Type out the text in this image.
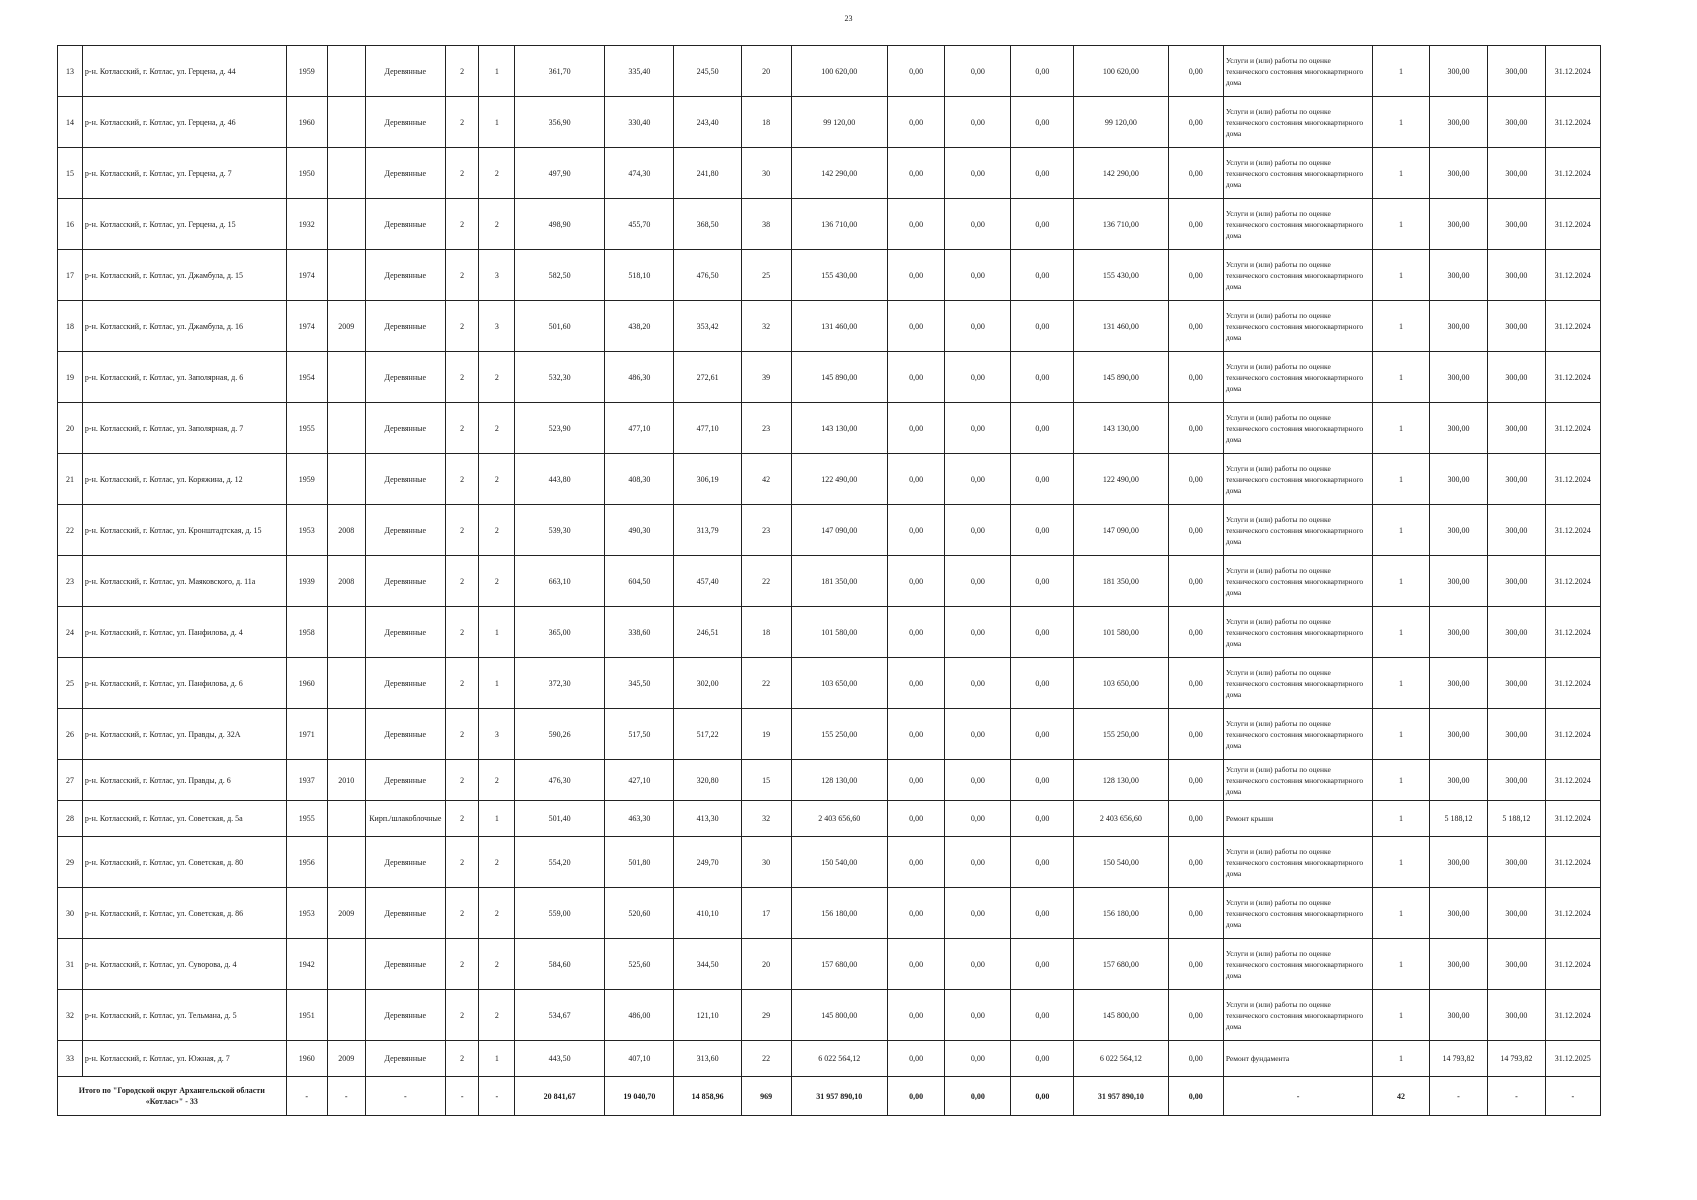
23
13	р-н. Котласский, г. Котлас, ул. Герцена, д. 44	1959		Деревянные	2	1	361,70	335,40	245,50	20	100 620,00	0,00	0,00	0,00	100 620,00	0,00	Услуги и (или) работы по оценке технического состояния многоквартирного дома	1	300,00	300,00	31.12.2024
14	р-н. Котласский, г. Котлас, ул. Герцена, д. 46	1960		Деревянные	2	1	356,90	330,40	243,40	18	99 120,00	0,00	0,00	0,00	99 120,00	0,00	Услуги и (или) работы по оценке технического состояния многоквартирного дома	1	300,00	300,00	31.12.2024
15	р-н. Котласский, г. Котлас, ул. Герцена, д. 7	1950		Деревянные	2	2	497,90	474,30	241,80	30	142 290,00	0,00	0,00	0,00	142 290,00	0,00	Услуги и (или) работы по оценке технического состояния многоквартирного дома	1	300,00	300,00	31.12.2024
16	р-н. Котласский, г. Котлас, ул. Герцена, д. 15	1932		Деревянные	2	2	498,90	455,70	368,50	38	136 710,00	0,00	0,00	0,00	136 710,00	0,00	Услуги и (или) работы по оценке технического состояния многоквартирного дома	1	300,00	300,00	31.12.2024
17	р-н. Котласский, г. Котлас, ул. Джамбула, д. 15	1974		Деревянные	2	3	582,50	518,10	476,50	25	155 430,00	0,00	0,00	0,00	155 430,00	0,00	Услуги и (или) работы по оценке технического состояния многоквартирного дома	1	300,00	300,00	31.12.2024
18	р-н. Котласский, г. Котлас, ул. Джамбула, д. 16	1974	2009	Деревянные	2	3	501,60	438,20	353,42	32	131 460,00	0,00	0,00	0,00	131 460,00	0,00	Услуги и (или) работы по оценке технического состояния многоквартирного дома	1	300,00	300,00	31.12.2024
19	р-н. Котласский, г. Котлас, ул. Заполярная, д. 6	1954		Деревянные	2	2	532,30	486,30	272,61	39	145 890,00	0,00	0,00	0,00	145 890,00	0,00	Услуги и (или) работы по оценке технического состояния многоквартирного дома	1	300,00	300,00	31.12.2024
20	р-н. Котласский, г. Котлас, ул. Заполярная, д. 7	1955		Деревянные	2	2	523,90	477,10	477,10	23	143 130,00	0,00	0,00	0,00	143 130,00	0,00	Услуги и (или) работы по оценке технического состояния многоквартирного дома	1	300,00	300,00	31.12.2024
21	р-н. Котласский, г. Котлас, ул. Коряжина, д. 12	1959		Деревянные	2	2	443,80	408,30	306,19	42	122 490,00	0,00	0,00	0,00	122 490,00	0,00	Услуги и (или) работы по оценке технического состояния многоквартирного дома	1	300,00	300,00	31.12.2024
22	р-н. Котласский, г. Котлас, ул. Кронштадтская, д. 15	1953	2008	Деревянные	2	2	539,30	490,30	313,79	23	147 090,00	0,00	0,00	0,00	147 090,00	0,00	Услуги и (или) работы по оценке технического состояния многоквартирного дома	1	300,00	300,00	31.12.2024
23	р-н. Котласский, г. Котлас, ул. Маяковского, д. 11а	1939	2008	Деревянные	2	2	663,10	604,50	457,40	22	181 350,00	0,00	0,00	0,00	181 350,00	0,00	Услуги и (или) работы по оценке технического состояния многоквартирного дома	1	300,00	300,00	31.12.2024
24	р-н. Котласский, г. Котлас, ул. Панфилова, д. 4	1958		Деревянные	2	1	365,00	338,60	246,51	18	101 580,00	0,00	0,00	0,00	101 580,00	0,00	Услуги и (или) работы по оценке технического состояния многоквартирного дома	1	300,00	300,00	31.12.2024
25	р-н. Котласский, г. Котлас, ул. Панфилова, д. 6	1960		Деревянные	2	1	372,30	345,50	302,00	22	103 650,00	0,00	0,00	0,00	103 650,00	0,00	Услуги и (или) работы по оценке технического состояния многоквартирного дома	1	300,00	300,00	31.12.2024
26	р-н. Котласский, г. Котлас, ул. Правды, д. 32А	1971		Деревянные	2	3	590,26	517,50	517,22	19	155 250,00	0,00	0,00	0,00	155 250,00	0,00	Услуги и (или) работы по оценке технического состояния многоквартирного дома	1	300,00	300,00	31.12.2024
27	р-н. Котласский, г. Котлас, ул. Правды, д. 6	1937	2010	Деревянные	2	2	476,30	427,10	320,80	15	128 130,00	0,00	0,00	0,00	128 130,00	0,00	Услуги и (или) работы по оценке технического состояния многоквартирного дома	1	300,00	300,00	31.12.2024
28	р-н. Котласский, г. Котлас, ул. Советская, д. 5а	1955		Кирп./шлакоблочные	2	1	501,40	463,30	413,30	32	2 403 656,60	0,00	0,00	0,00	2 403 656,60	0,00	Ремонт крыши	1	5 188,12	5 188,12	31.12.2024
29	р-н. Котласский, г. Котлас, ул. Советская, д. 80	1956		Деревянные	2	2	554,20	501,80	249,70	30	150 540,00	0,00	0,00	0,00	150 540,00	0,00	Услуги и (или) работы по оценке технического состояния многоквартирного дома	1	300,00	300,00	31.12.2024
30	р-н. Котласский, г. Котлас, ул. Советская, д. 86	1953	2009	Деревянные	2	2	559,00	520,60	410,10	17	156 180,00	0,00	0,00	0,00	156 180,00	0,00	Услуги и (или) работы по оценке технического состояния многоквартирного дома	1	300,00	300,00	31.12.2024
31	р-н. Котласский, г. Котлас, ул. Суворова, д. 4	1942		Деревянные	2	2	584,60	525,60	344,50	20	157 680,00	0,00	0,00	0,00	157 680,00	0,00	Услуги и (или) работы по оценке технического состояния многоквартирного дома	1	300,00	300,00	31.12.2024
32	р-н. Котласский, г. Котлас, ул. Тельмана, д. 5	1951		Деревянные	2	2	534,67	486,00	121,10	29	145 800,00	0,00	0,00	0,00	145 800,00	0,00	Услуги и (или) работы по оценке технического состояния многоквартирного дома	1	300,00	300,00	31.12.2024
33	р-н. Котласский, г. Котлас, ул. Южная, д. 7	1960	2009	Деревянные	2	1	443,50	407,10	313,60	22	6 022 564,12	0,00	0,00	0,00	6 022 564,12	0,00	Ремонт фундамента	1	14 793,82	14 793,82	31.12.2025
Итого по "Городской округ Архангельской области «Котлас»" - 33		-	-	-	-	-	20 841,67	19 040,70	14 858,96	969	31 957 890,10	0,00	0,00	0,00	31 957 890,10	0,00	-	42	-	-	-
